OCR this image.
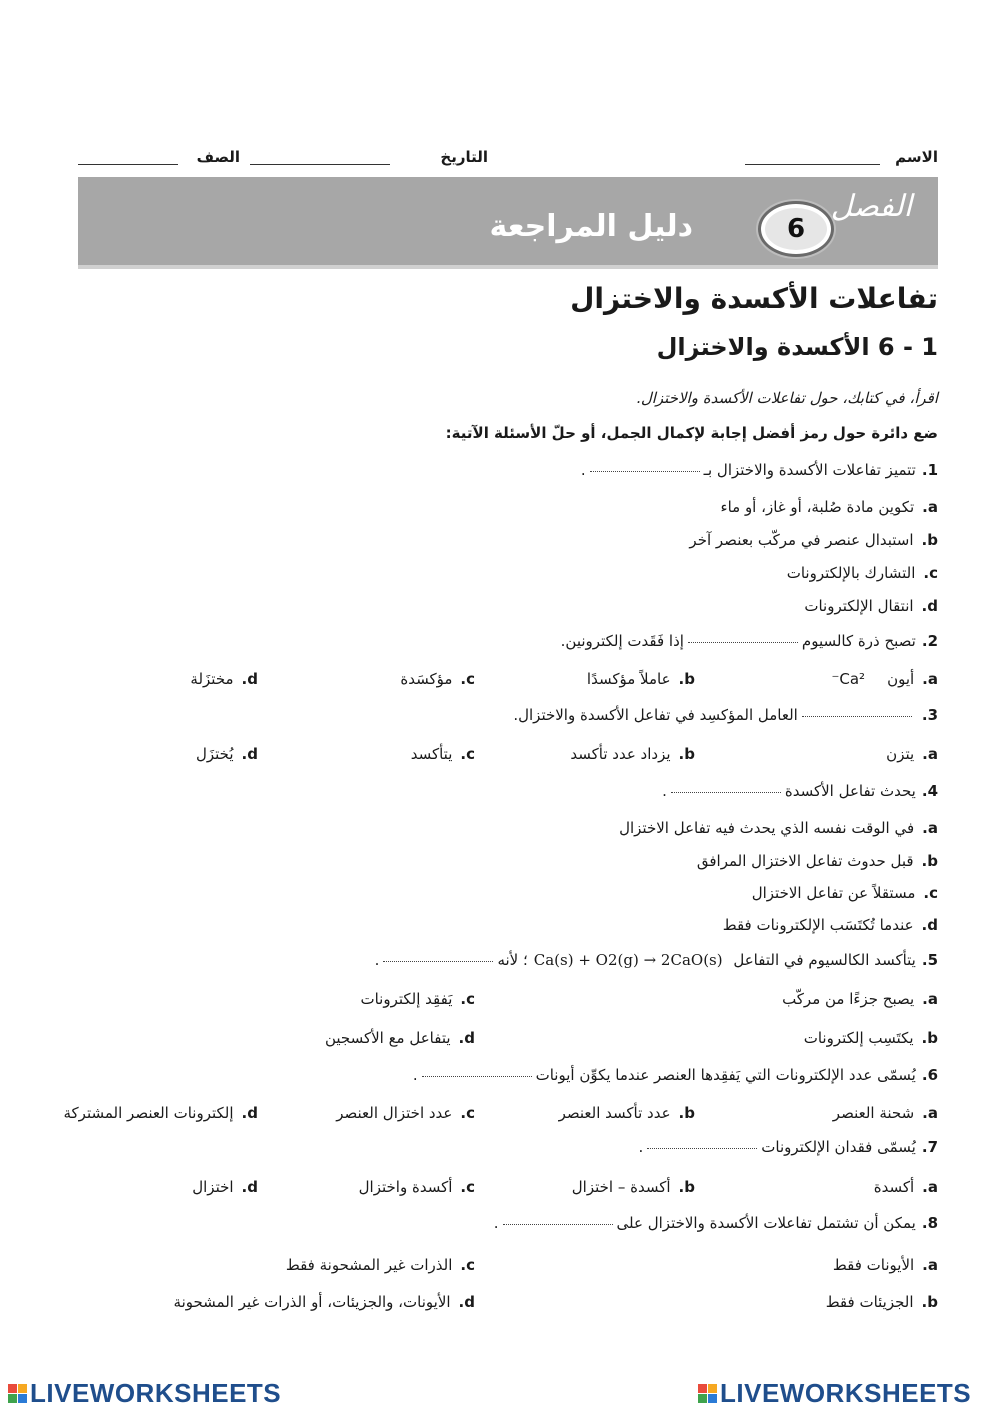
الاسم
التاريخ
الصف
الفصل
6
دليل المراجعة
تفاعلات الأكسدة والاختزال
1 - 6 الأكسدة والاختزال
اقرأ، في كتابك، حول تفاعلات الأكسدة والاختزال.
ضع دائرة حول رمز أفضل إجابة لإكمال الجمل، أو حلّ الأسئلة الآتية:
1.تتميز تفاعلات الأكسدة والاختزال بـ.
a.تكوين مادة صُلبة، أو غاز، أو ماء
b.استبدال عنصر في مركّب بعنصر آخر
c.التشارك بالإلكترونات
d.انتقال الإلكترونات
2.تصبح ذرة كالسيومإذا فَقَدت إلكترونين.
a.أيونCa²⁻
b.عاملاً مؤكسدًا
c.مؤكسَدة
d.مختزَلة
3.العامل المؤكسِد في تفاعل الأكسدة والاختزال.
a.يتزن
b.يزداد عدد تأكسد
c.يتأكسد
d.يُختزَل
4.يحدث تفاعل الأكسدة.
a.في الوقت نفسه الذي يحدث فيه تفاعل الاختزال
b.قبل حدوث تفاعل الاختزال المرافق
c.مستقلاً عن تفاعل الاختزال
d.عندما تُكتَسَب الإلكترونات فقط
5.يتأكسد الكالسيوم في التفاعل Ca(s) + O2(g) → 2CaO(s)؛ لأنه.
a.يصبح جزءًا من مركّب
c.يَفقِد إلكترونات
b.يكتَسِب إلكترونات
d.يتفاعل مع الأكسجين
6.يُسمّى عدد الإلكترونات التي يَفقِدها العنصر عندما يكوِّن أيونات.
a.شحنة العنصر
b.عدد تأكسد العنصر
c.عدد اختزال العنصر
d.إلكترونات العنصر المشتركة
7.يُسمّى فقدان الإلكترونات.
a.أكسدة
b.أكسدة – اختزال
c.أكسدة واختزال
d.اختزال
8.يمكن أن تشتمل تفاعلات الأكسدة والاختزال على.
a.الأيونات فقط
c.الذرات غير المشحونة فقط
b.الجزيئات فقط
d.الأيونات، والجزيئات، أو الذرات غير المشحونة
LIVEWORKSHEETS	LIVEWORKSHEETS
